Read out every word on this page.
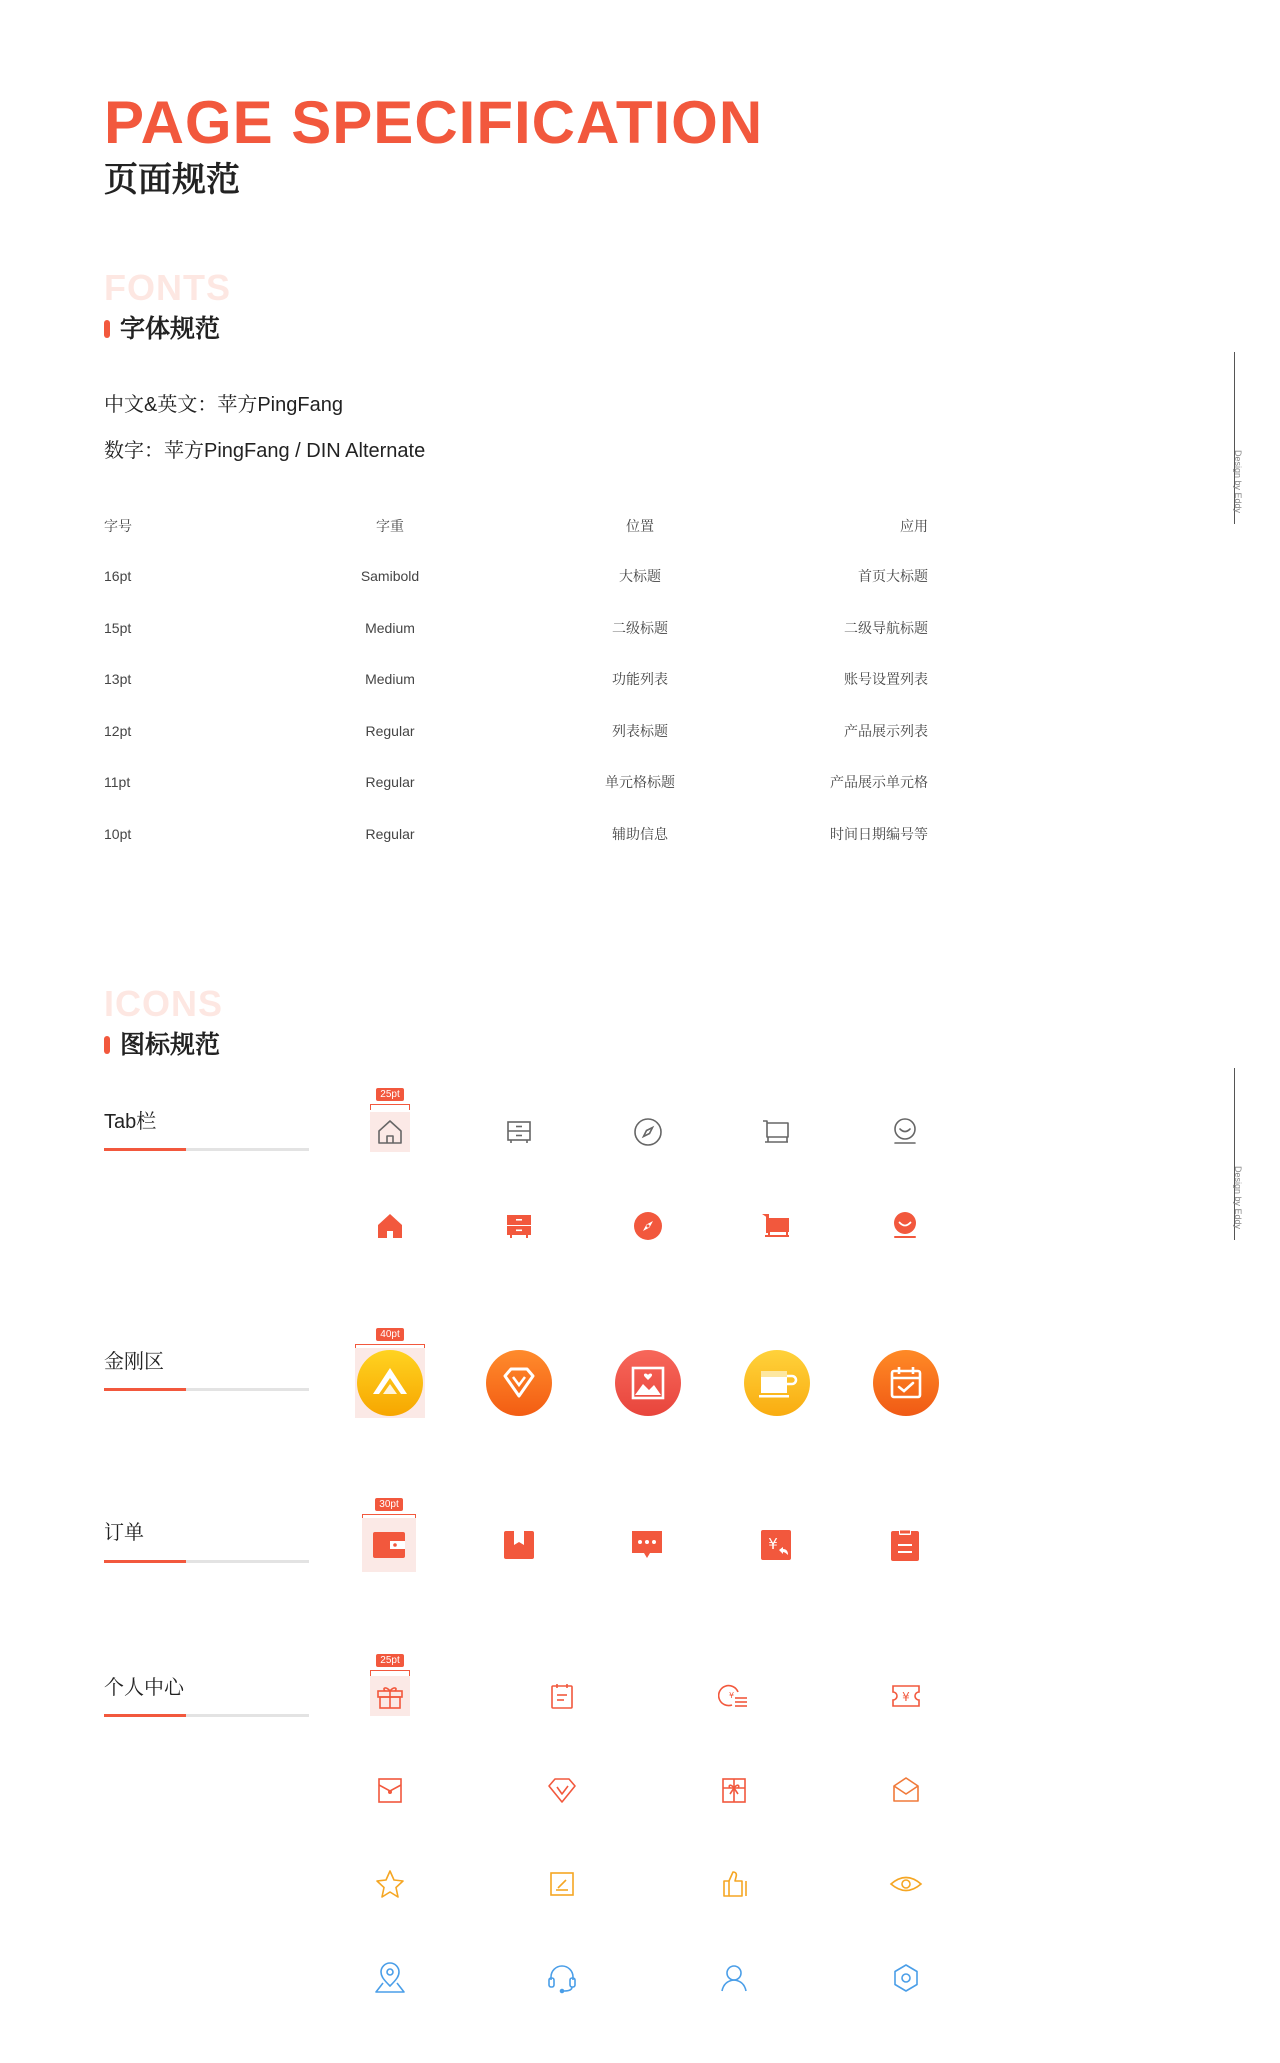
PAGE SPECIFICATION
页面规范
FONTS
字体规范
中文&英文：苹方PingFang
数字：苹方PingFang / DIN Alternate
字号	字重	位置	应用
16pt	Samibold	大标题	首页大标题
15pt	Medium	二级标题	二级导航标题
13pt	Medium	功能列表	账号设置列表
12pt	Regular	列表标题	产品展示列表
11pt	Regular	单元格标题	产品展示单元格
10pt	Regular	辅助信息	时间日期编号等
Design by Eddy
Design by Eddy
ICONS
图标规范
Tab栏
金刚区
订单
个人中心
25pt
40pt
30pt
25pt
¥
¥	¥
